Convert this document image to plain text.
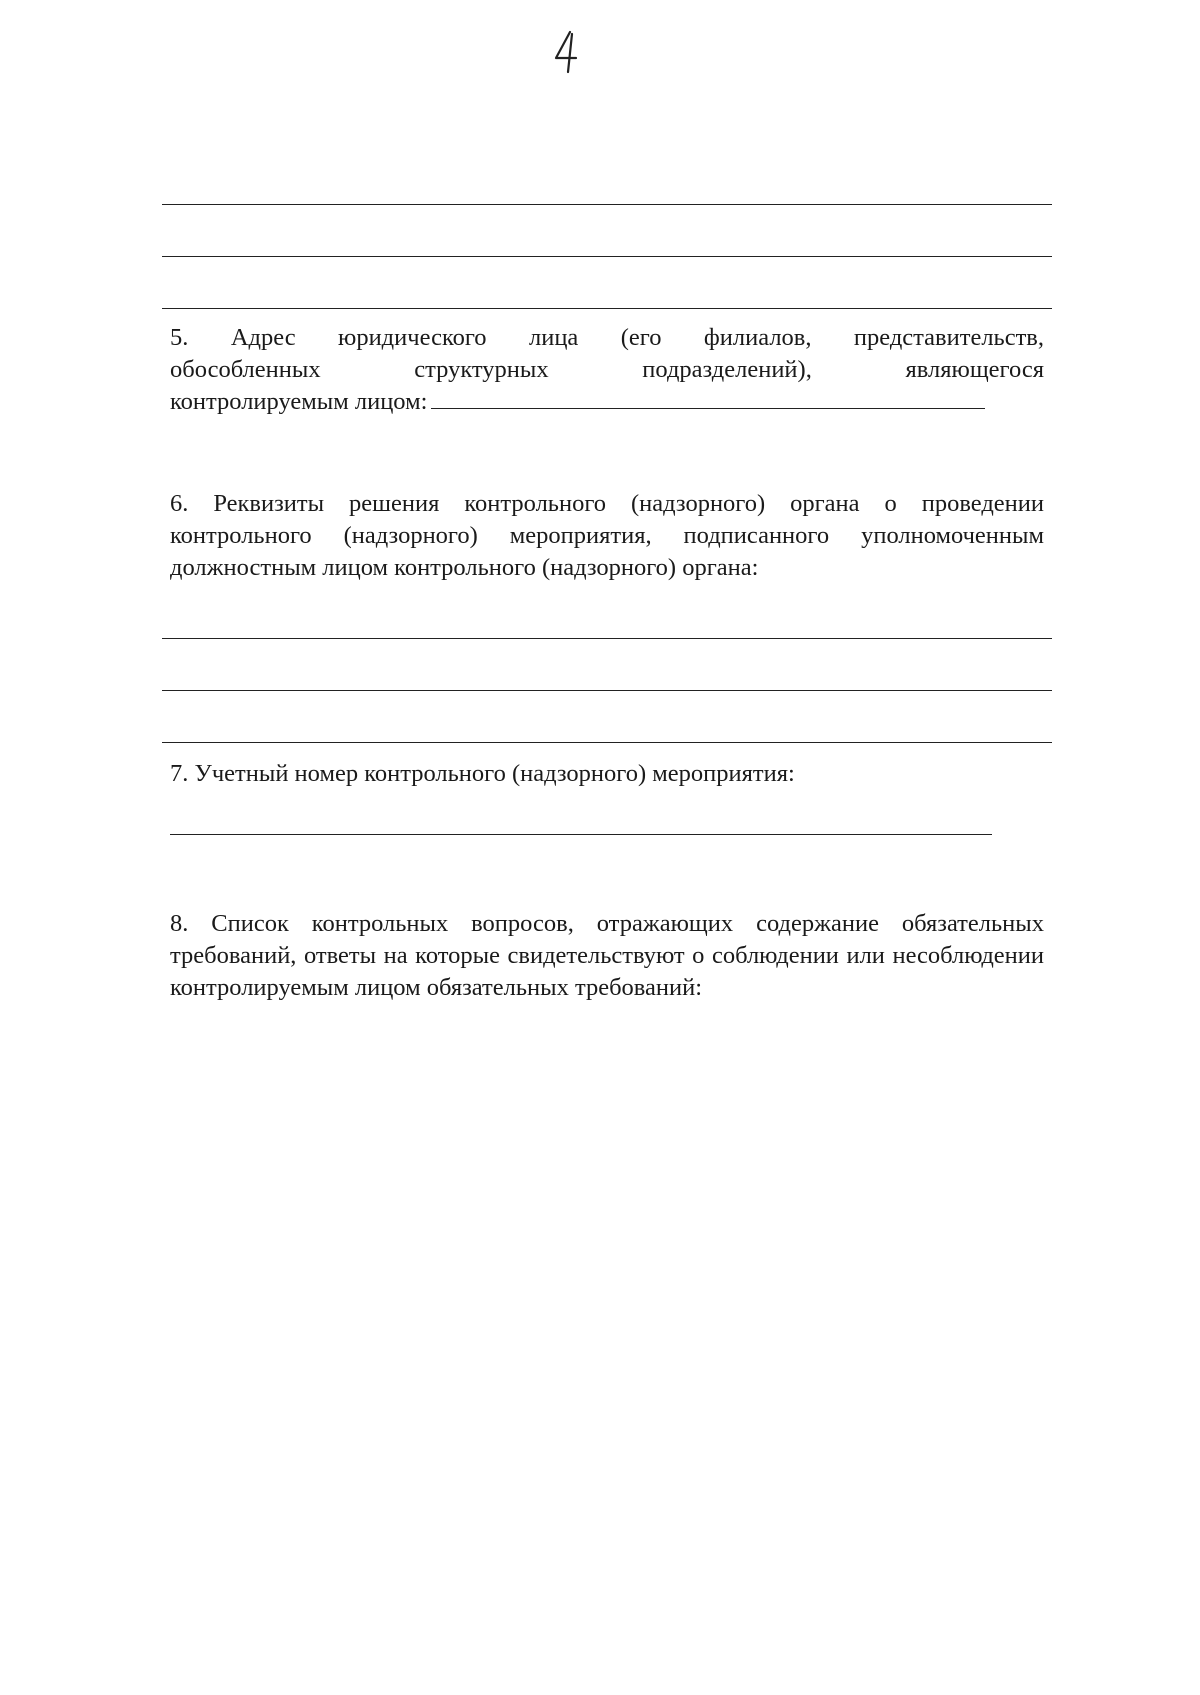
5. Адрес юридического лица (его филиалов, представительств,
обособленных структурных подразделений), являющегося
контролируемым лицом:

6. Реквизиты решения контрольного (надзорного) органа о проведении контрольного (надзорного) мероприятия, подписанного уполномоченным должностным лицом контрольного (надзорного) органа:

7. Учетный номер контрольного (надзорного) мероприятия:

8. Список контрольных вопросов, отражающих содержание обязательных требований, ответы на которые свидетельствуют о соблюдении или несоблюдении контролируемым лицом обязательных требований:
